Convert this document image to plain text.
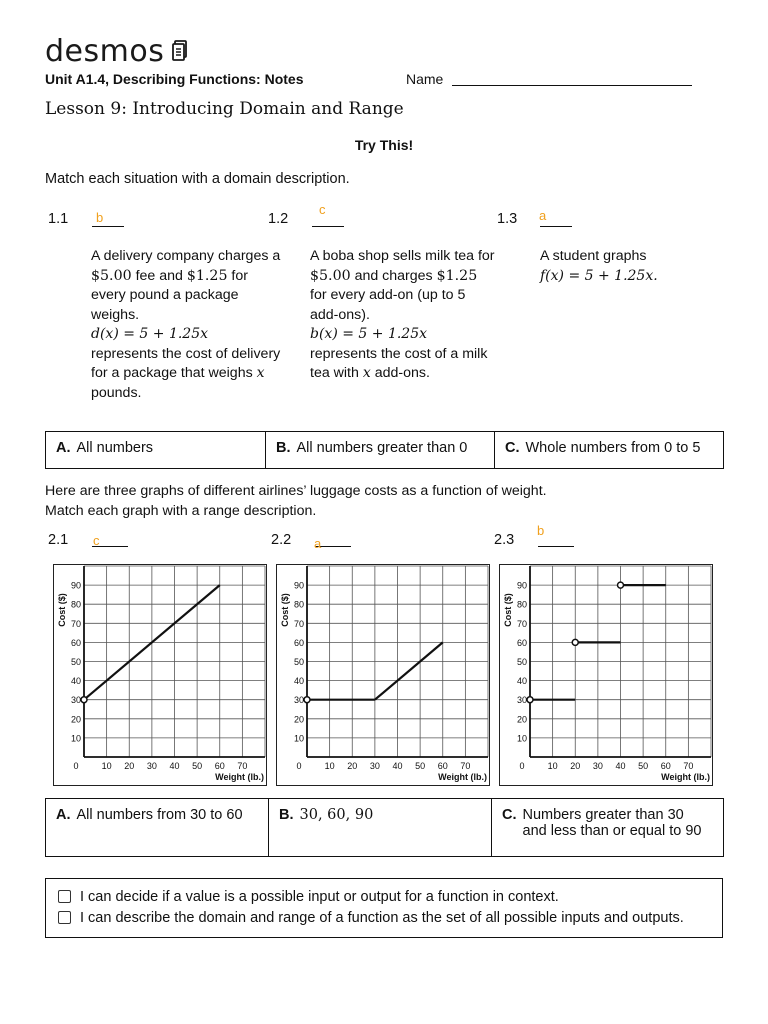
desmos
Unit A1.4, Describing Functions: Notes	Name
Lesson 9: Introducing Domain and Range
Try This!
Match each situation with a domain description.
1.1 b
A delivery company charges a $5.00 fee and $1.25 for every pound a package weighs.
d(x) = 5 + 1.25x
represents the cost of delivery for a package that weighs x pounds.
1.2
c
A boba shop sells milk tea for $5.00 and charges $1.25 for every add-on (up to 5 add-ons).
b(x) = 5 + 1.25x
represents the cost of a milk tea with x add-ons.
1.3 a
A student graphs
f(x) = 5 + 1.25x.
A. All numbers	B. All numbers greater than 0	C. Whole numbers from 0 to 5
Here are three graphs of different airlines’ luggage costs as a function of weight.
Match each graph with a range description.
2.1 c	2.2 a	2.3
b
10
20
30
40
50
60
70
80
90
10 20 30 40 50 60 70
0
Weight (lb.)
Cost ($)
10
20
30
40
50
60
70
80
90
10 20 30 40 50 60 70
0
Weight (lb.)
Cost ($)
10
20
30
40
50
60
70
80
90
10 20 30 40 50 60 70
0
Weight (lb.)
Cost ($)
A. All numbers from 30 to 60	B. 30, 60, 90	C. Numbers greater than 30
and less than or equal to 90
I can decide if a value is a possible input or output for a function in context.
I can describe the domain and range of a function as the set of all possible inputs and outputs.
